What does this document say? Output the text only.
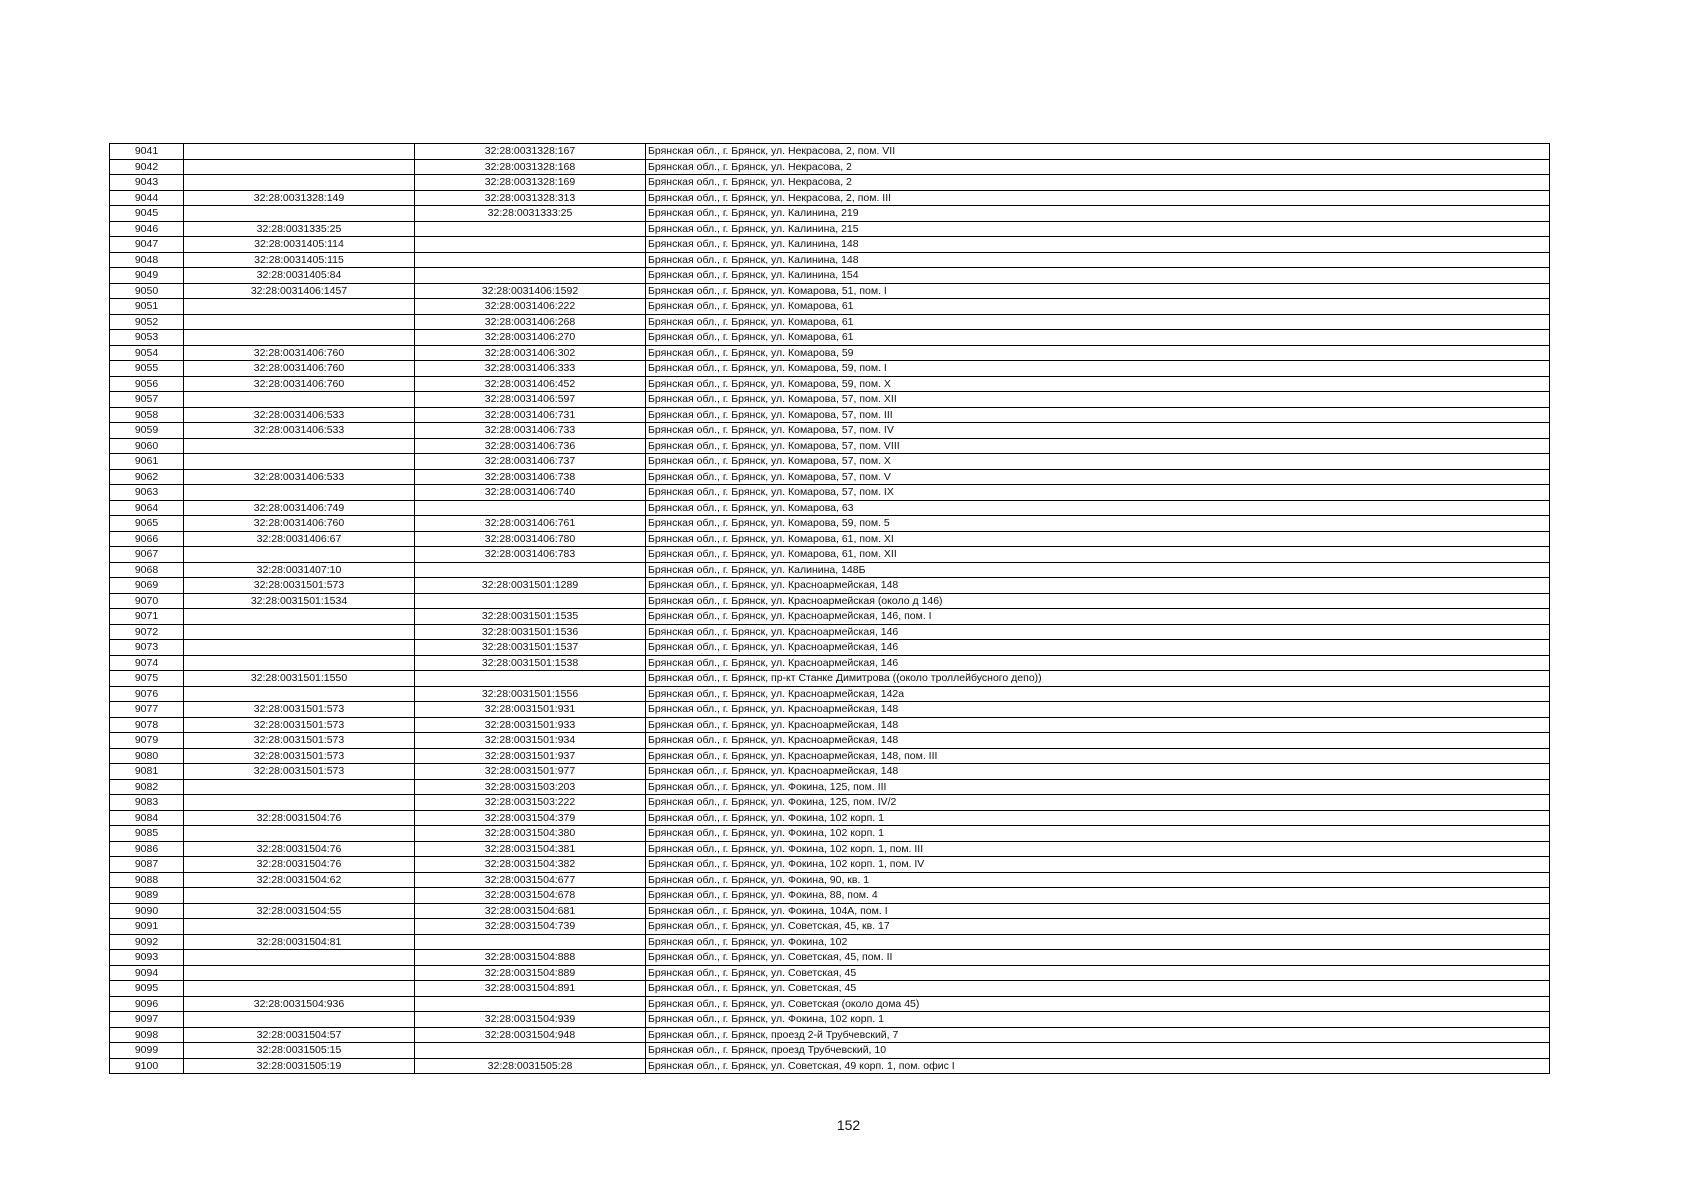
9041		32:28:0031328:167	Брянская обл., г. Брянск, ул. Некрасова, 2, пом. VII
9042		32:28:0031328:168	Брянская обл., г. Брянск, ул. Некрасова, 2
9043		32:28:0031328:169	Брянская обл., г. Брянск, ул. Некрасова, 2
9044	32:28:0031328:149	32:28:0031328:313	Брянская обл., г. Брянск, ул. Некрасова, 2, пом. III
9045		32:28:0031333:25	Брянская обл., г. Брянск, ул. Калинина, 219
9046	32:28:0031335:25		Брянская обл., г. Брянск, ул. Калинина, 215
9047	32:28:0031405:114		Брянская обл., г. Брянск, ул. Калинина, 148
9048	32:28:0031405:115		Брянская обл., г. Брянск, ул. Калинина, 148
9049	32:28:0031405:84		Брянская обл., г. Брянск, ул. Калинина, 154
9050	32:28:0031406:1457	32:28:0031406:1592	Брянская обл., г. Брянск, ул. Комарова, 51, пом. I
9051		32:28:0031406:222	Брянская обл., г. Брянск, ул. Комарова, 61
9052		32:28:0031406:268	Брянская обл., г. Брянск, ул. Комарова, 61
9053		32:28:0031406:270	Брянская обл., г. Брянск, ул. Комарова, 61
9054	32:28:0031406:760	32:28:0031406:302	Брянская обл., г. Брянск, ул. Комарова, 59
9055	32:28:0031406:760	32:28:0031406:333	Брянская обл., г. Брянск, ул. Комарова, 59, пом. I
9056	32:28:0031406:760	32:28:0031406:452	Брянская обл., г. Брянск, ул. Комарова, 59, пом. X
9057		32:28:0031406:597	Брянская обл., г. Брянск, ул. Комарова, 57, пом. XII
9058	32:28:0031406:533	32:28:0031406:731	Брянская обл., г. Брянск, ул. Комарова, 57, пом. III
9059	32:28:0031406:533	32:28:0031406:733	Брянская обл., г. Брянск, ул. Комарова, 57, пом. IV
9060		32:28:0031406:736	Брянская обл., г. Брянск, ул. Комарова, 57, пом. VIII
9061		32:28:0031406:737	Брянская обл., г. Брянск, ул. Комарова, 57, пом. X
9062	32:28:0031406:533	32:28:0031406:738	Брянская обл., г. Брянск, ул. Комарова, 57, пом. V
9063		32:28:0031406:740	Брянская обл., г. Брянск, ул. Комарова, 57, пом. IX
9064	32:28:0031406:749		Брянская обл., г. Брянск, ул. Комарова, 63
9065	32:28:0031406:760	32:28:0031406:761	Брянская обл., г. Брянск, ул. Комарова, 59, пом. 5
9066	32:28:0031406:67	32:28:0031406:780	Брянская обл., г. Брянск, ул. Комарова, 61, пом. XI
9067		32:28:0031406:783	Брянская обл., г. Брянск, ул. Комарова, 61, пом. XII
9068	32:28:0031407:10		Брянская обл., г. Брянск, ул. Калинина, 148Б
9069	32:28:0031501:573	32:28:0031501:1289	Брянская обл., г. Брянск, ул. Красноармейская, 148
9070	32:28:0031501:1534		Брянская обл., г. Брянск, ул. Красноармейская (около д 146)
9071		32:28:0031501:1535	Брянская обл., г. Брянск, ул. Красноармейская, 146, пом. I
9072		32:28:0031501:1536	Брянская обл., г. Брянск, ул. Красноармейская, 146
9073		32:28:0031501:1537	Брянская обл., г. Брянск, ул. Красноармейская, 146
9074		32:28:0031501:1538	Брянская обл., г. Брянск, ул. Красноармейская, 146
9075	32:28:0031501:1550		Брянская обл., г. Брянск, пр-кт Станке Димитрова ((около троллейбусного депо))
9076		32:28:0031501:1556	Брянская обл., г. Брянск, ул. Красноармейская, 142а
9077	32:28:0031501:573	32:28:0031501:931	Брянская обл., г. Брянск, ул. Красноармейская, 148
9078	32:28:0031501:573	32:28:0031501:933	Брянская обл., г. Брянск, ул. Красноармейская, 148
9079	32:28:0031501:573	32:28:0031501:934	Брянская обл., г. Брянск, ул. Красноармейская, 148
9080	32:28:0031501:573	32:28:0031501:937	Брянская обл., г. Брянск, ул. Красноармейская, 148, пом. III
9081	32:28:0031501:573	32:28:0031501:977	Брянская обл., г. Брянск, ул. Красноармейская, 148
9082		32:28:0031503:203	Брянская обл., г. Брянск, ул. Фокина, 125, пом. III
9083		32:28:0031503:222	Брянская обл., г. Брянск, ул. Фокина, 125, пом. IV/2
9084	32:28:0031504:76	32:28:0031504:379	Брянская обл., г. Брянск, ул. Фокина, 102 корп. 1
9085		32:28:0031504:380	Брянская обл., г. Брянск, ул. Фокина, 102 корп. 1
9086	32:28:0031504:76	32:28:0031504:381	Брянская обл., г. Брянск, ул. Фокина, 102 корп. 1, пом. III
9087	32:28:0031504:76	32:28:0031504:382	Брянская обл., г. Брянск, ул. Фокина, 102 корп. 1, пом. IV
9088	32:28:0031504:62	32:28:0031504:677	Брянская обл., г. Брянск, ул. Фокина, 90, кв. 1
9089		32:28:0031504:678	Брянская обл., г. Брянск, ул. Фокина, 88, пом. 4
9090	32:28:0031504:55	32:28:0031504:681	Брянская обл., г. Брянск, ул. Фокина, 104А, пом. I
9091		32:28:0031504:739	Брянская обл., г. Брянск, ул. Советская, 45, кв. 17
9092	32:28:0031504:81		Брянская обл., г. Брянск, ул. Фокина, 102
9093		32:28:0031504:888	Брянская обл., г. Брянск, ул. Советская, 45, пом. II
9094		32:28:0031504:889	Брянская обл., г. Брянск, ул. Советская, 45
9095		32:28:0031504:891	Брянская обл., г. Брянск, ул. Советская, 45
9096	32:28:0031504:936		Брянская обл., г. Брянск, ул. Советская (около дома 45)
9097		32:28:0031504:939	Брянская обл., г. Брянск, ул. Фокина, 102 корп. 1
9098	32:28:0031504:57	32:28:0031504:948	Брянская обл., г. Брянск, проезд 2-й Трубчевский, 7
9099	32:28:0031505:15		Брянская обл., г. Брянск, проезд Трубчевский, 10
9100	32:28:0031505:19	32:28:0031505:28	Брянская обл., г. Брянск, ул. Советская, 49 корп. 1, пом. офис I
152
